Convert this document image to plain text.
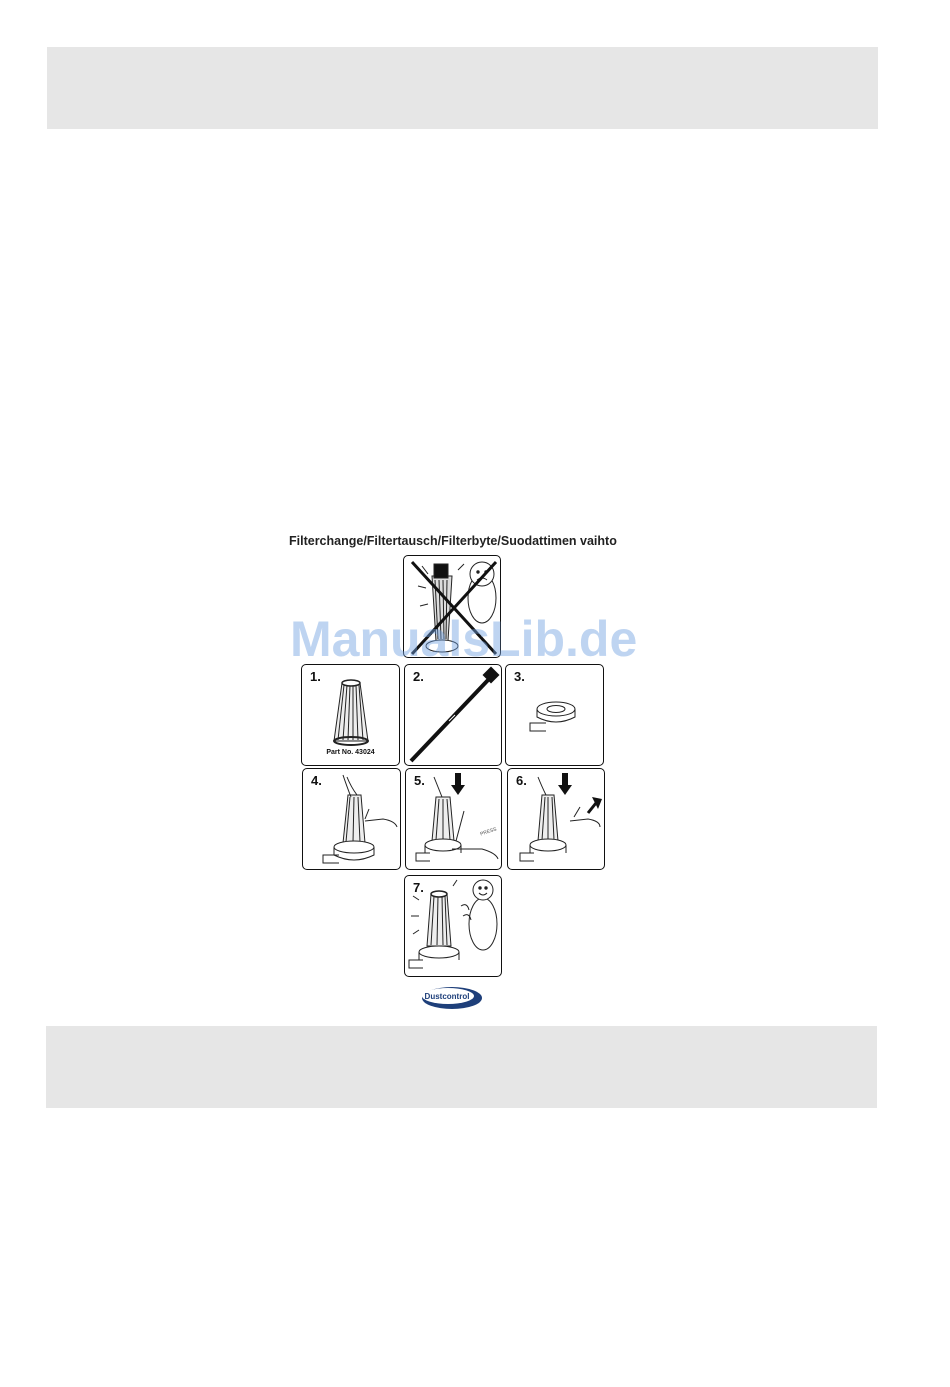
Filterchange/Filtertausch/Filterbyte/Suodattimen vaihto
1.
Part No. 43024
2.	3.
4.	5.
PRESS
6.
7.
ManualsLib.de
Dustcontrol
